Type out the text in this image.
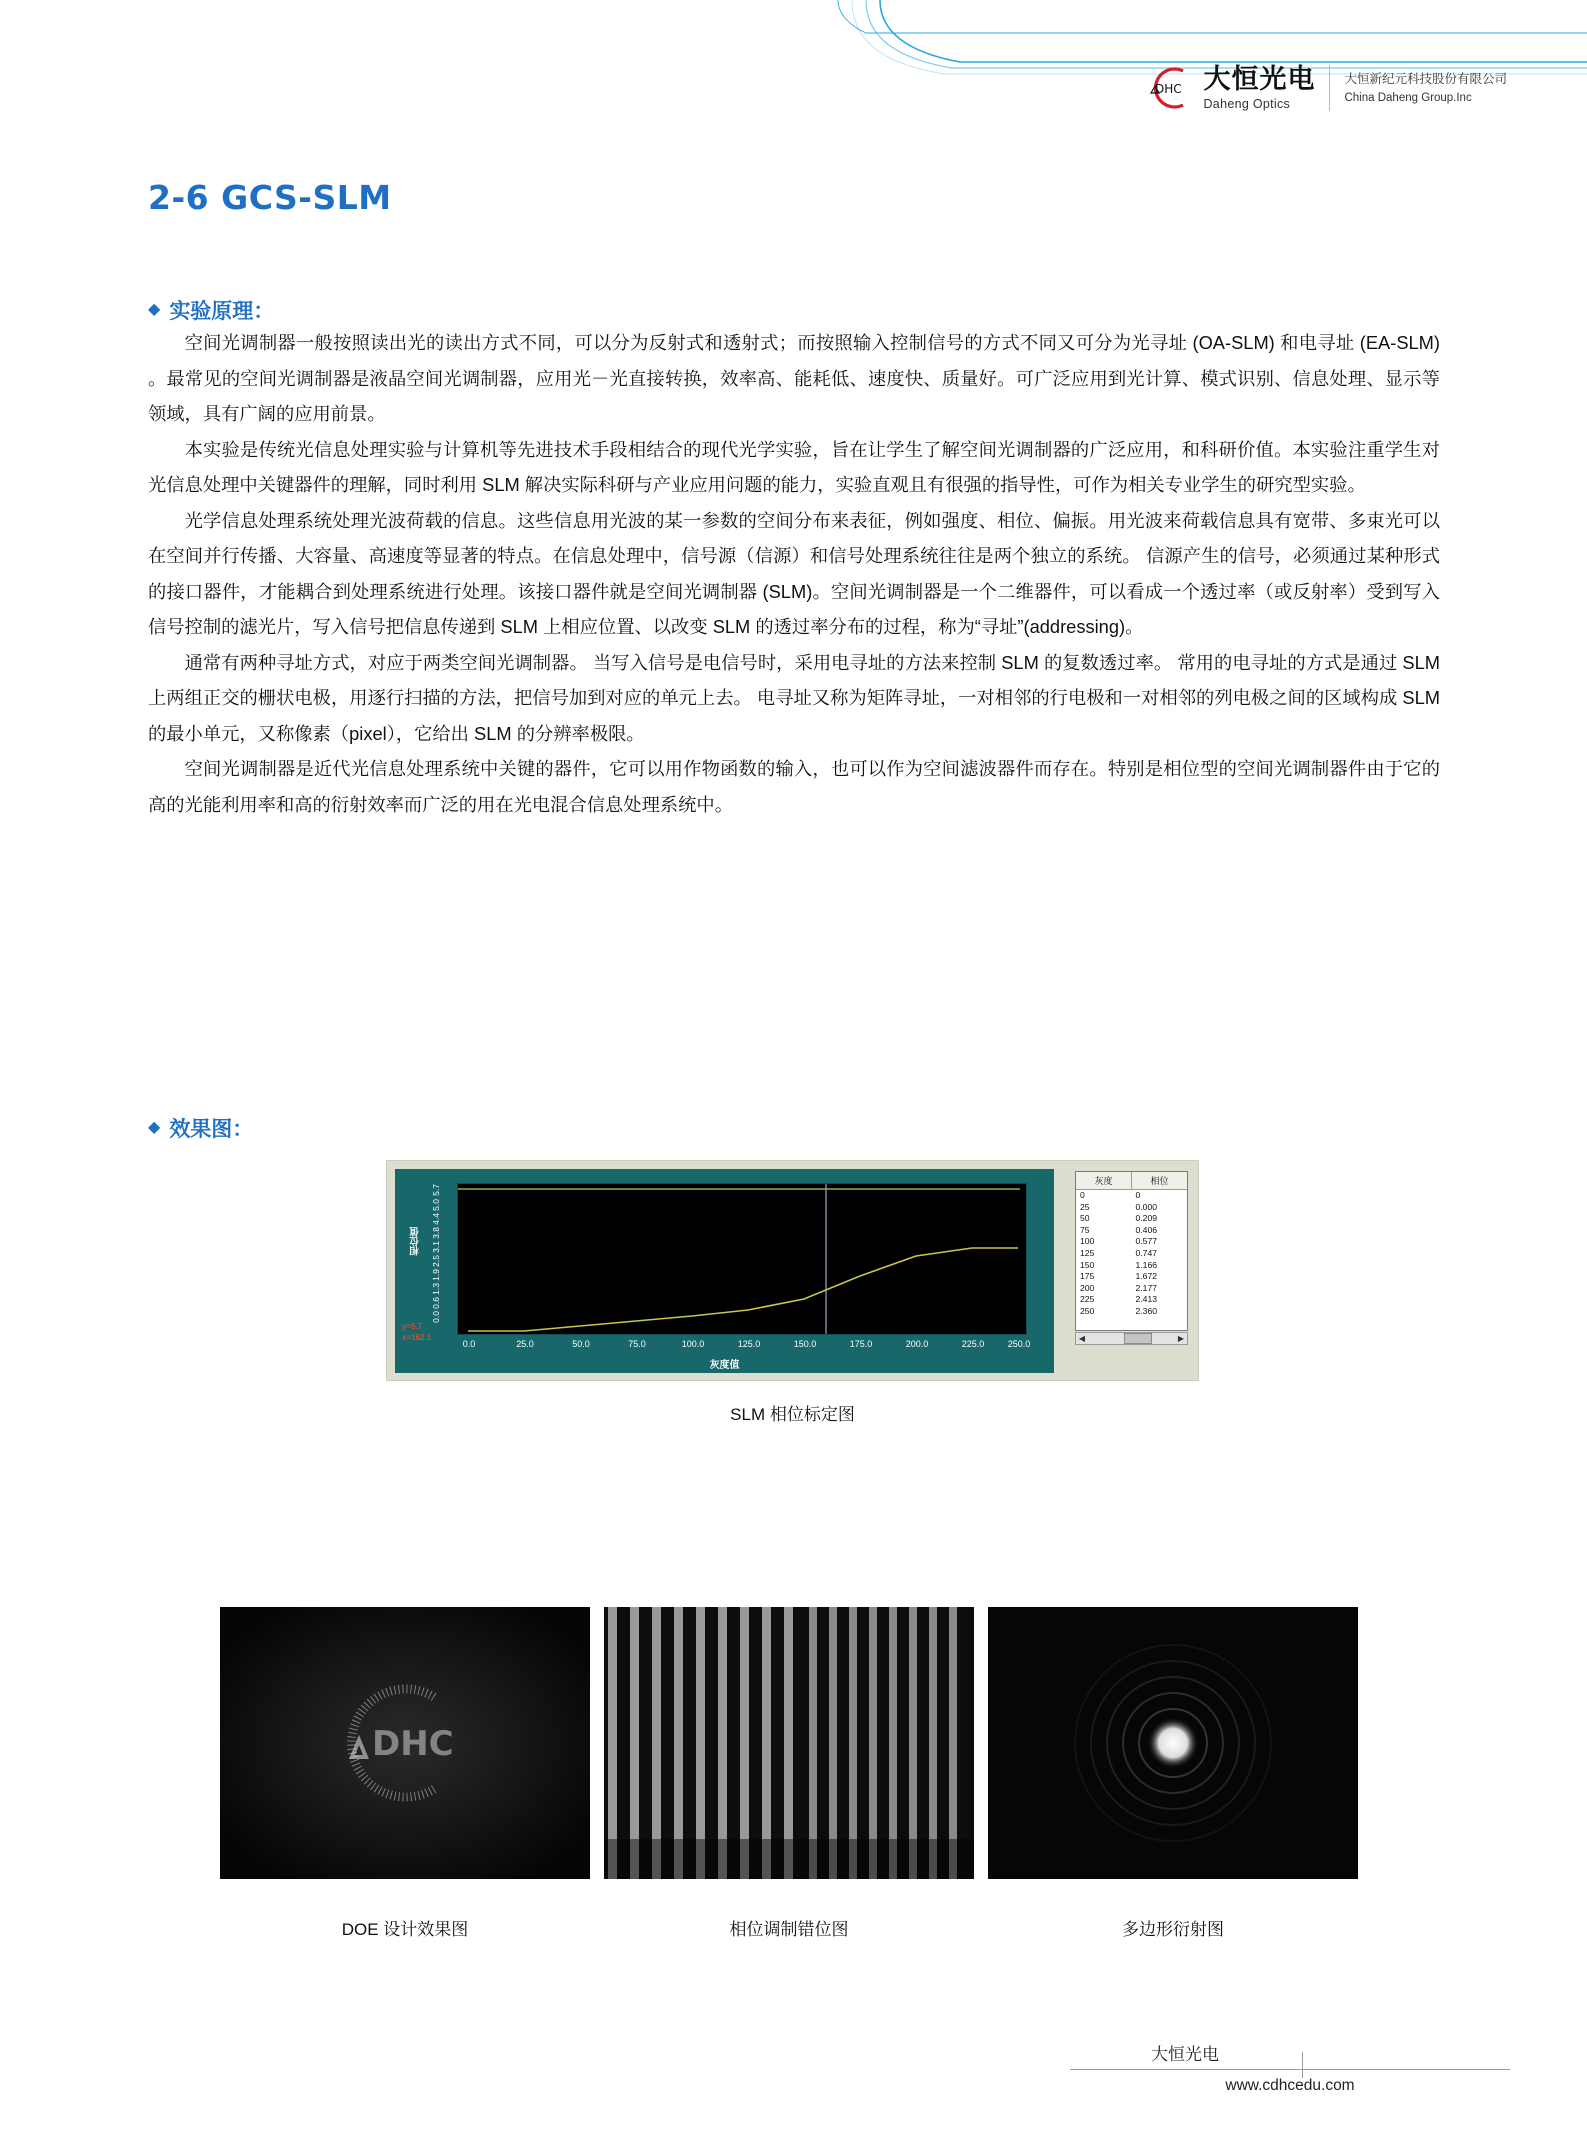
DHC 大恒光电
Daheng Optics
大恒新纪元科技股份有限公司
China Daheng Group.Inc
2-6 GCS-SLM
◆ 实验原理：

空间光调制器一般按照读出光的读出方式不同，可以分为反射式和透射式；而按照输入控制信号的方式不同又可分为光寻址 (OA-SLM) 和电寻址 (EA-SLM) 。最常见的空间光调制器是液晶空间光调制器，应用光－光直接转换，效率高、能耗低、速度快、质量好。可广泛应用到光计算、模式识别、信息处理、显示等领域，具有广阔的应用前景。

本实验是传统光信息处理实验与计算机等先进技术手段相结合的现代光学实验，旨在让学生了解空间光调制器的广泛应用，和科研价值。本实验注重学生对光信息处理中关键器件的理解，同时利用 SLM 解决实际科研与产业应用问题的能力，实验直观且有很强的指导性，可作为相关专业学生的研究型实验。

光学信息处理系统处理光波荷载的信息。这些信息用光波的某一参数的空间分布来表征，例如强度、相位、偏振。用光波来荷载信息具有宽带、多束光可以在空间并行传播、大容量、高速度等显著的特点。在信息处理中，信号源（信源）和信号处理系统往往是两个独立的系统。 信源产生的信号，必须通过某种形式的接口器件，才能耦合到处理系统进行处理。该接口器件就是空间光调制器 (SLM)。空间光调制器是一个二维器件，可以看成一个透过率（或反射率）受到写入信号控制的滤光片，写入信号把信息传递到 SLM 上相应位置、以改变 SLM 的透过率分布的过程，称为“寻址”(addressing)。

通常有两种寻址方式，对应于两类空间光调制器。 当写入信号是电信号时，采用电寻址的方法来控制 SLM 的复数透过率。 常用的电寻址的方式是通过 SLM 上两组正交的栅状电极，用逐行扫描的方法，把信号加到对应的单元上去。 电寻址又称为矩阵寻址，一对相邻的行电极和一对相邻的列电极之间的区域构成 SLM 的最小单元，又称像素（pixel），它给出 SLM 的分辨率极限。

空间光调制器是近代光信息处理系统中关键的器件，它可以用作物函数的输入，也可以作为空间滤波器件而存在。特别是相位型的空间光调制器件由于它的高的光能利用率和高的衍射效率而广泛的用在光电混合信息处理系统中。

◆ 效果图：
相位值
0.0
0.6
1.3
1.9
2.5
3.1
3.8
4.4
5.0
5.7
0.0	25.0	50.0	75.0	100.0	125.0	150.0	175.0	200.0	225.0	250.0
灰度值
y=5.7
x=162.1
灰度	相位
0	0
25	0.000
50	0.209
75	0.406
100	0.577
125	0.747
150	1.166
175	1.672
200	2.177
225	2.413
250	2.360
◀	▶
SLM 相位标定图
DHC
DOE 设计效果图	相位调制错位图	多边形衍射图
大恒光电
www.cdhcedu.com
